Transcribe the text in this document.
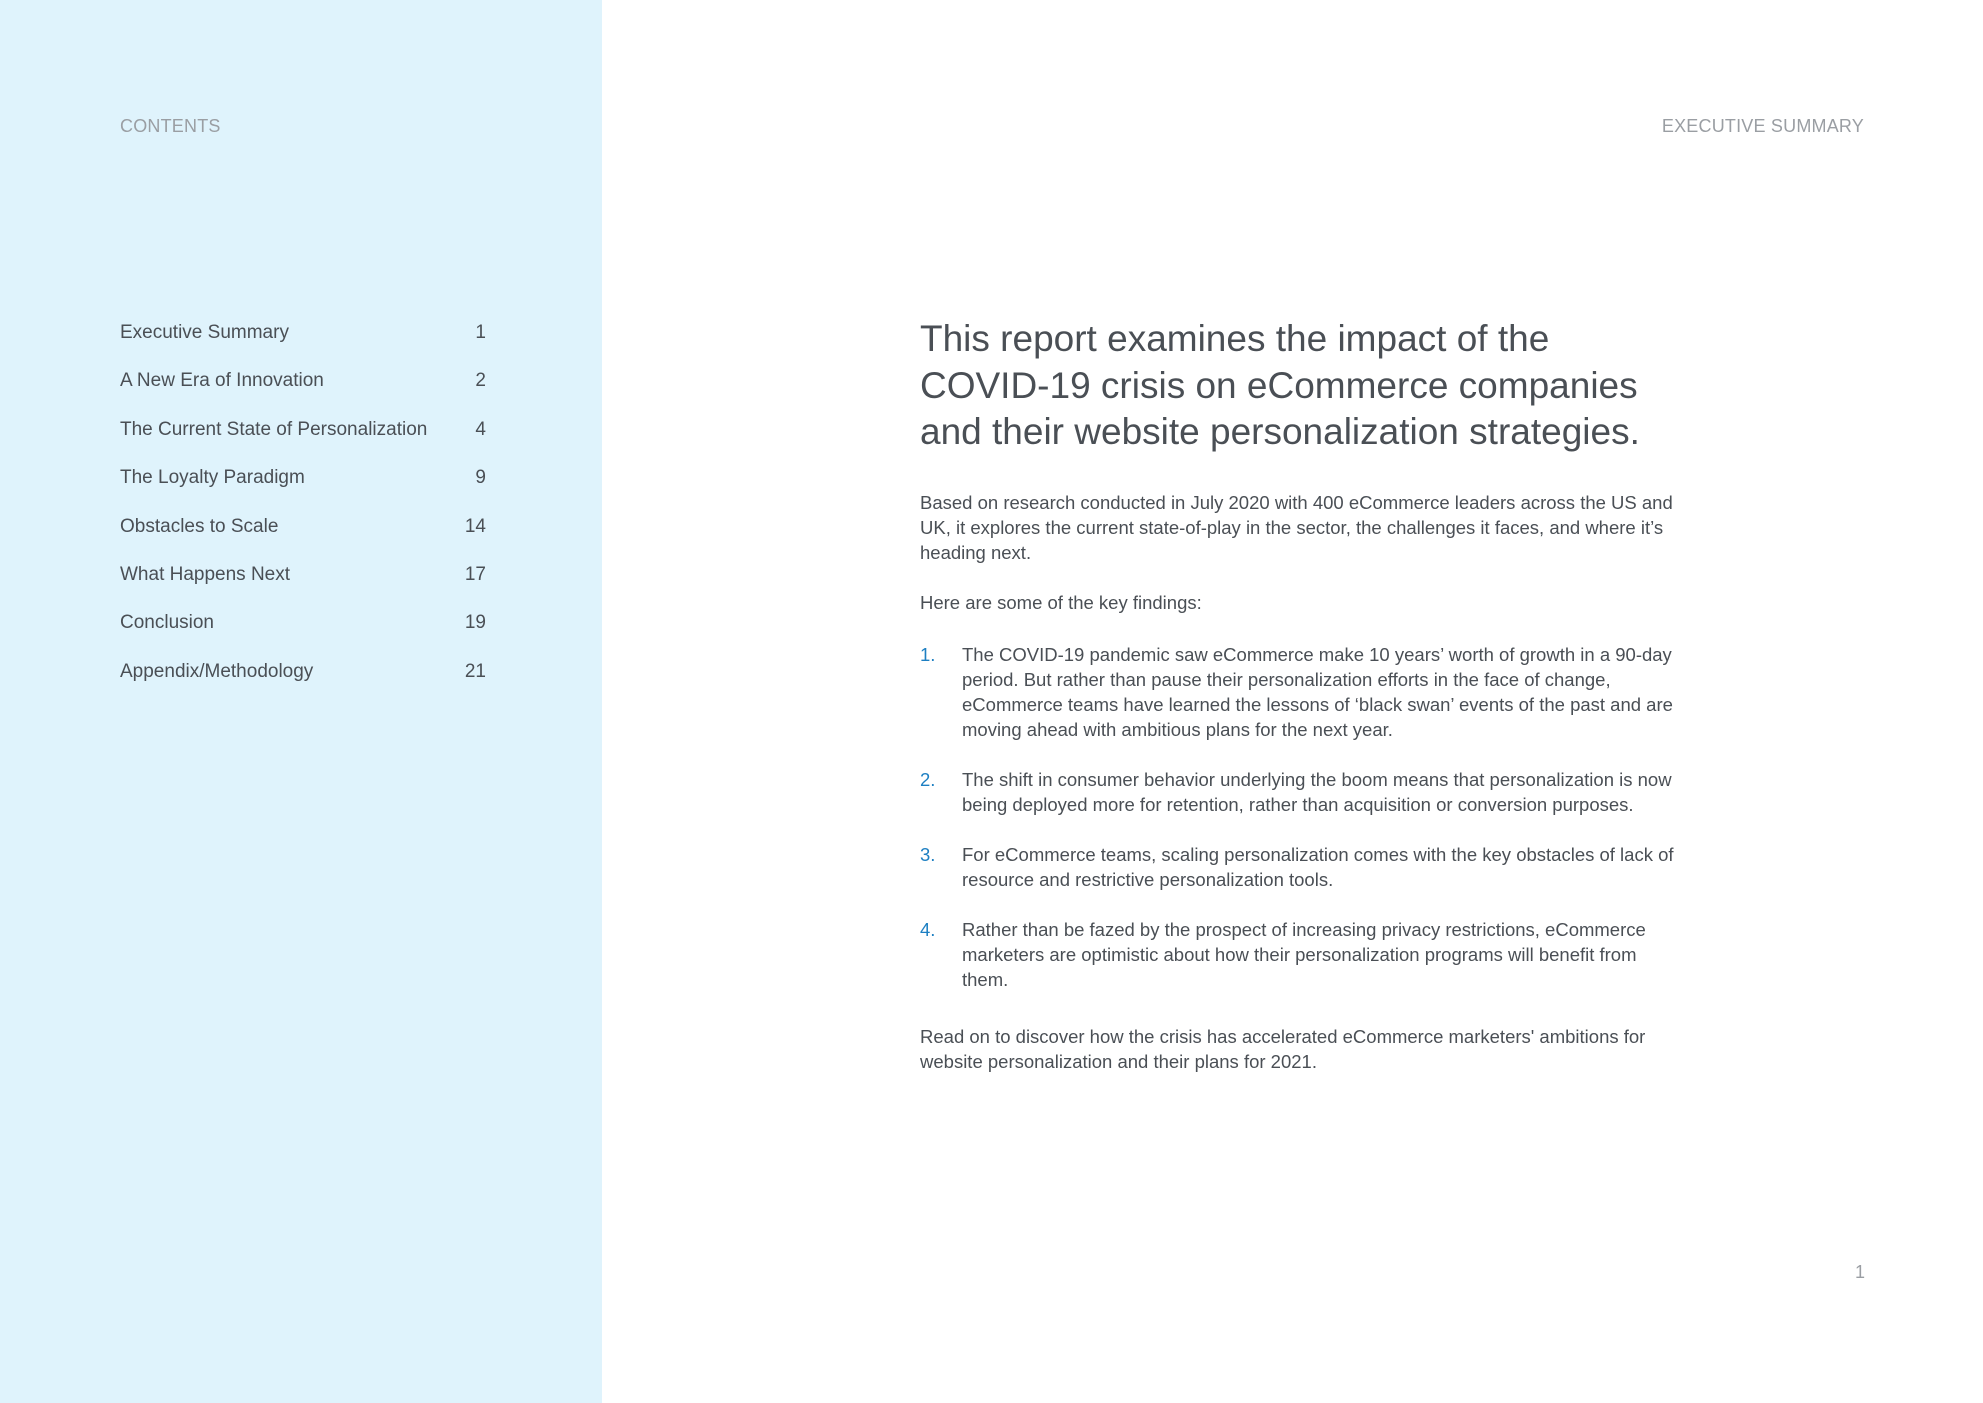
CONTENTS
Executive Summary	1
A New Era of Innovation	2
The Current State of Personalization	4
The Loyalty Paradigm	9
Obstacles to Scale	14
What Happens Next	17
Conclusion	19
Appendix/Methodology	21
EXECUTIVE SUMMARY
This report examines the impact of the COVID-19 crisis on eCommerce companies and their website personalization strategies.

Based on research conducted in July 2020 with 400 eCommerce leaders across the US and UK, it explores the current state-of-play in the sector, the challenges it faces, and where it’s heading next.

Here are some of the key findings:

1.	The COVID-19 pandemic saw eCommerce make 10 years’ worth of growth in a 90-day period. But rather than pause their personalization efforts in the face of change, eCommerce teams have learned the lessons of ‘black swan’ events of the past and are moving ahead with ambitious plans for the next year.
2.	The shift in consumer behavior underlying the boom means that personalization is now being deployed more for retention, rather than acquisition or conversion purposes.
3.	For eCommerce teams, scaling personalization comes with the key obstacles of lack of resource and restrictive personalization tools.
4.	Rather than be fazed by the prospect of increasing privacy restrictions, eCommerce marketers are optimistic about how their personalization programs will benefit from them.

Read on to discover how the crisis has accelerated eCommerce marketers' ambitions for website personalization and their plans for 2021.

1
